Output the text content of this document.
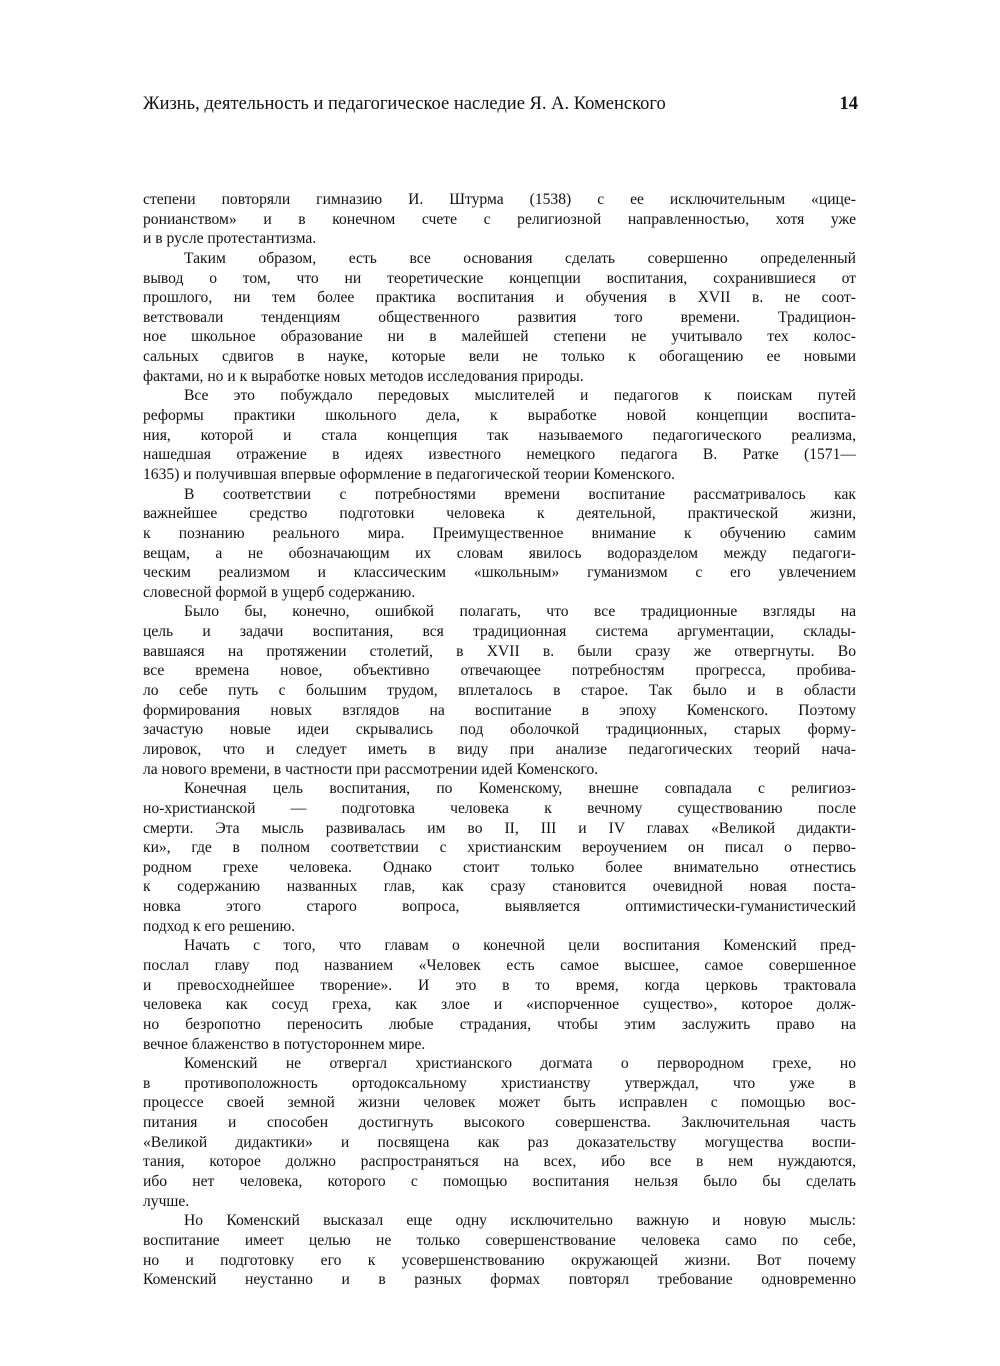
Жизнь, деятельность и педагогическое наследие Я. А. Коменского	14
степени повторяли гимназию И. Штурма (1538) с ее исключительным «цице-
ронианством» и в конечном счете с религиозной направленностью, хотя уже
и в русле протестантизма.
Таким образом, есть все основания сделать совершенно определенный
вывод о том, что ни теоретические концепции воспитания, сохранившиеся от
прошлого, ни тем более практика воспитания и обучения в XVII в. не соот-
ветствовали тенденциям общественного развития того времени. Традицион-
ное школьное образование ни в малейшей степени не учитывало тех колос-
сальных сдвигов в науке, которые вели не только к обогащению ее новыми
фактами, но и к выработке новых методов исследования природы.
Все это побуждало передовых мыслителей и педагогов к поискам путей
реформы практики школьного дела, к выработке новой концепции воспита-
ния, которой и стала концепция так называемого педагогического реализма,
нашедшая отражение в идеях известного немецкого педагога В. Ратке (1571—
1635) и получившая впервые оформление в педагогической теории Коменского.
В соответствии с потребностями времени воспитание рассматривалось как
важнейшее средство подготовки человека к деятельной, практической жизни,
к познанию реального мира. Преимущественное внимание к обучению самим
вещам, а не обозначающим их словам явилось водоразделом между педагоги-
ческим реализмом и классическим «школьным» гуманизмом с его увлечением
словесной формой в ущерб содержанию.
Было бы, конечно, ошибкой полагать, что все традиционные взгляды на
цель и задачи воспитания, вся традиционная система аргументации, склады-
вавшаяся на протяжении столетий, в XVII в. были сразу же отвергнуты. Во
все времена новое, объективно отвечающее потребностям прогресса, пробива-
ло себе путь с большим трудом, вплеталось в старое. Так было и в области
формирования новых взглядов на воспитание в эпоху Коменского. Поэтому
зачастую новые идеи скрывались под оболочкой традиционных, старых форму-
лировок, что и следует иметь в виду при анализе педагогических теорий нача-
ла нового времени, в частности при рассмотрении идей Коменского.
Конечная цель воспитания, по Коменскому, внешне совпадала с религиоз-
но-христианской — подготовка человека к вечному существованию после
смерти. Эта мысль развивалась им во II, III и IV главах «Великой дидакти-
ки», где в полном соответствии с христианским вероучением он писал о перво-
родном грехе человека. Однако стоит только более внимательно отнестись
к содержанию названных глав, как сразу становится очевидной новая поста-
новка этого старого вопроса, выявляется оптимистически-гуманистический
подход к его решению.
Начать с того, что главам о конечной цели воспитания Коменский пред-
послал главу под названием «Человек есть самое высшее, самое совершенное
и превосходнейшее творение». И это в то время, когда церковь трактовала
человека как сосуд греха, как злое и «испорченное существо», которое долж-
но безропотно переносить любые страдания, чтобы этим заслужить право на
вечное блаженство в потустороннем мире.
Коменский не отвергал христианского догмата о первородном грехе, но
в противоположность ортодоксальному христианству утверждал, что уже в
процессе своей земной жизни человек может быть исправлен с помощью вос-
питания и способен достигнуть высокого совершенства. Заключительная часть
«Великой дидактики» и посвящена как раз доказательству могущества воспи-
тания, которое должно распространяться на всех, ибо все в нем нуждаются,
ибо нет человека, которого с помощью воспитания нельзя было бы сделать
лучше.
Но Коменский высказал еще одну исключительно важную и новую мысль:
воспитание имеет целью не только совершенствование человека само по себе,
но и подготовку его к усовершенствованию окружающей жизни. Вот почему
Коменский неустанно и в разных формах повторял требование одновременно
